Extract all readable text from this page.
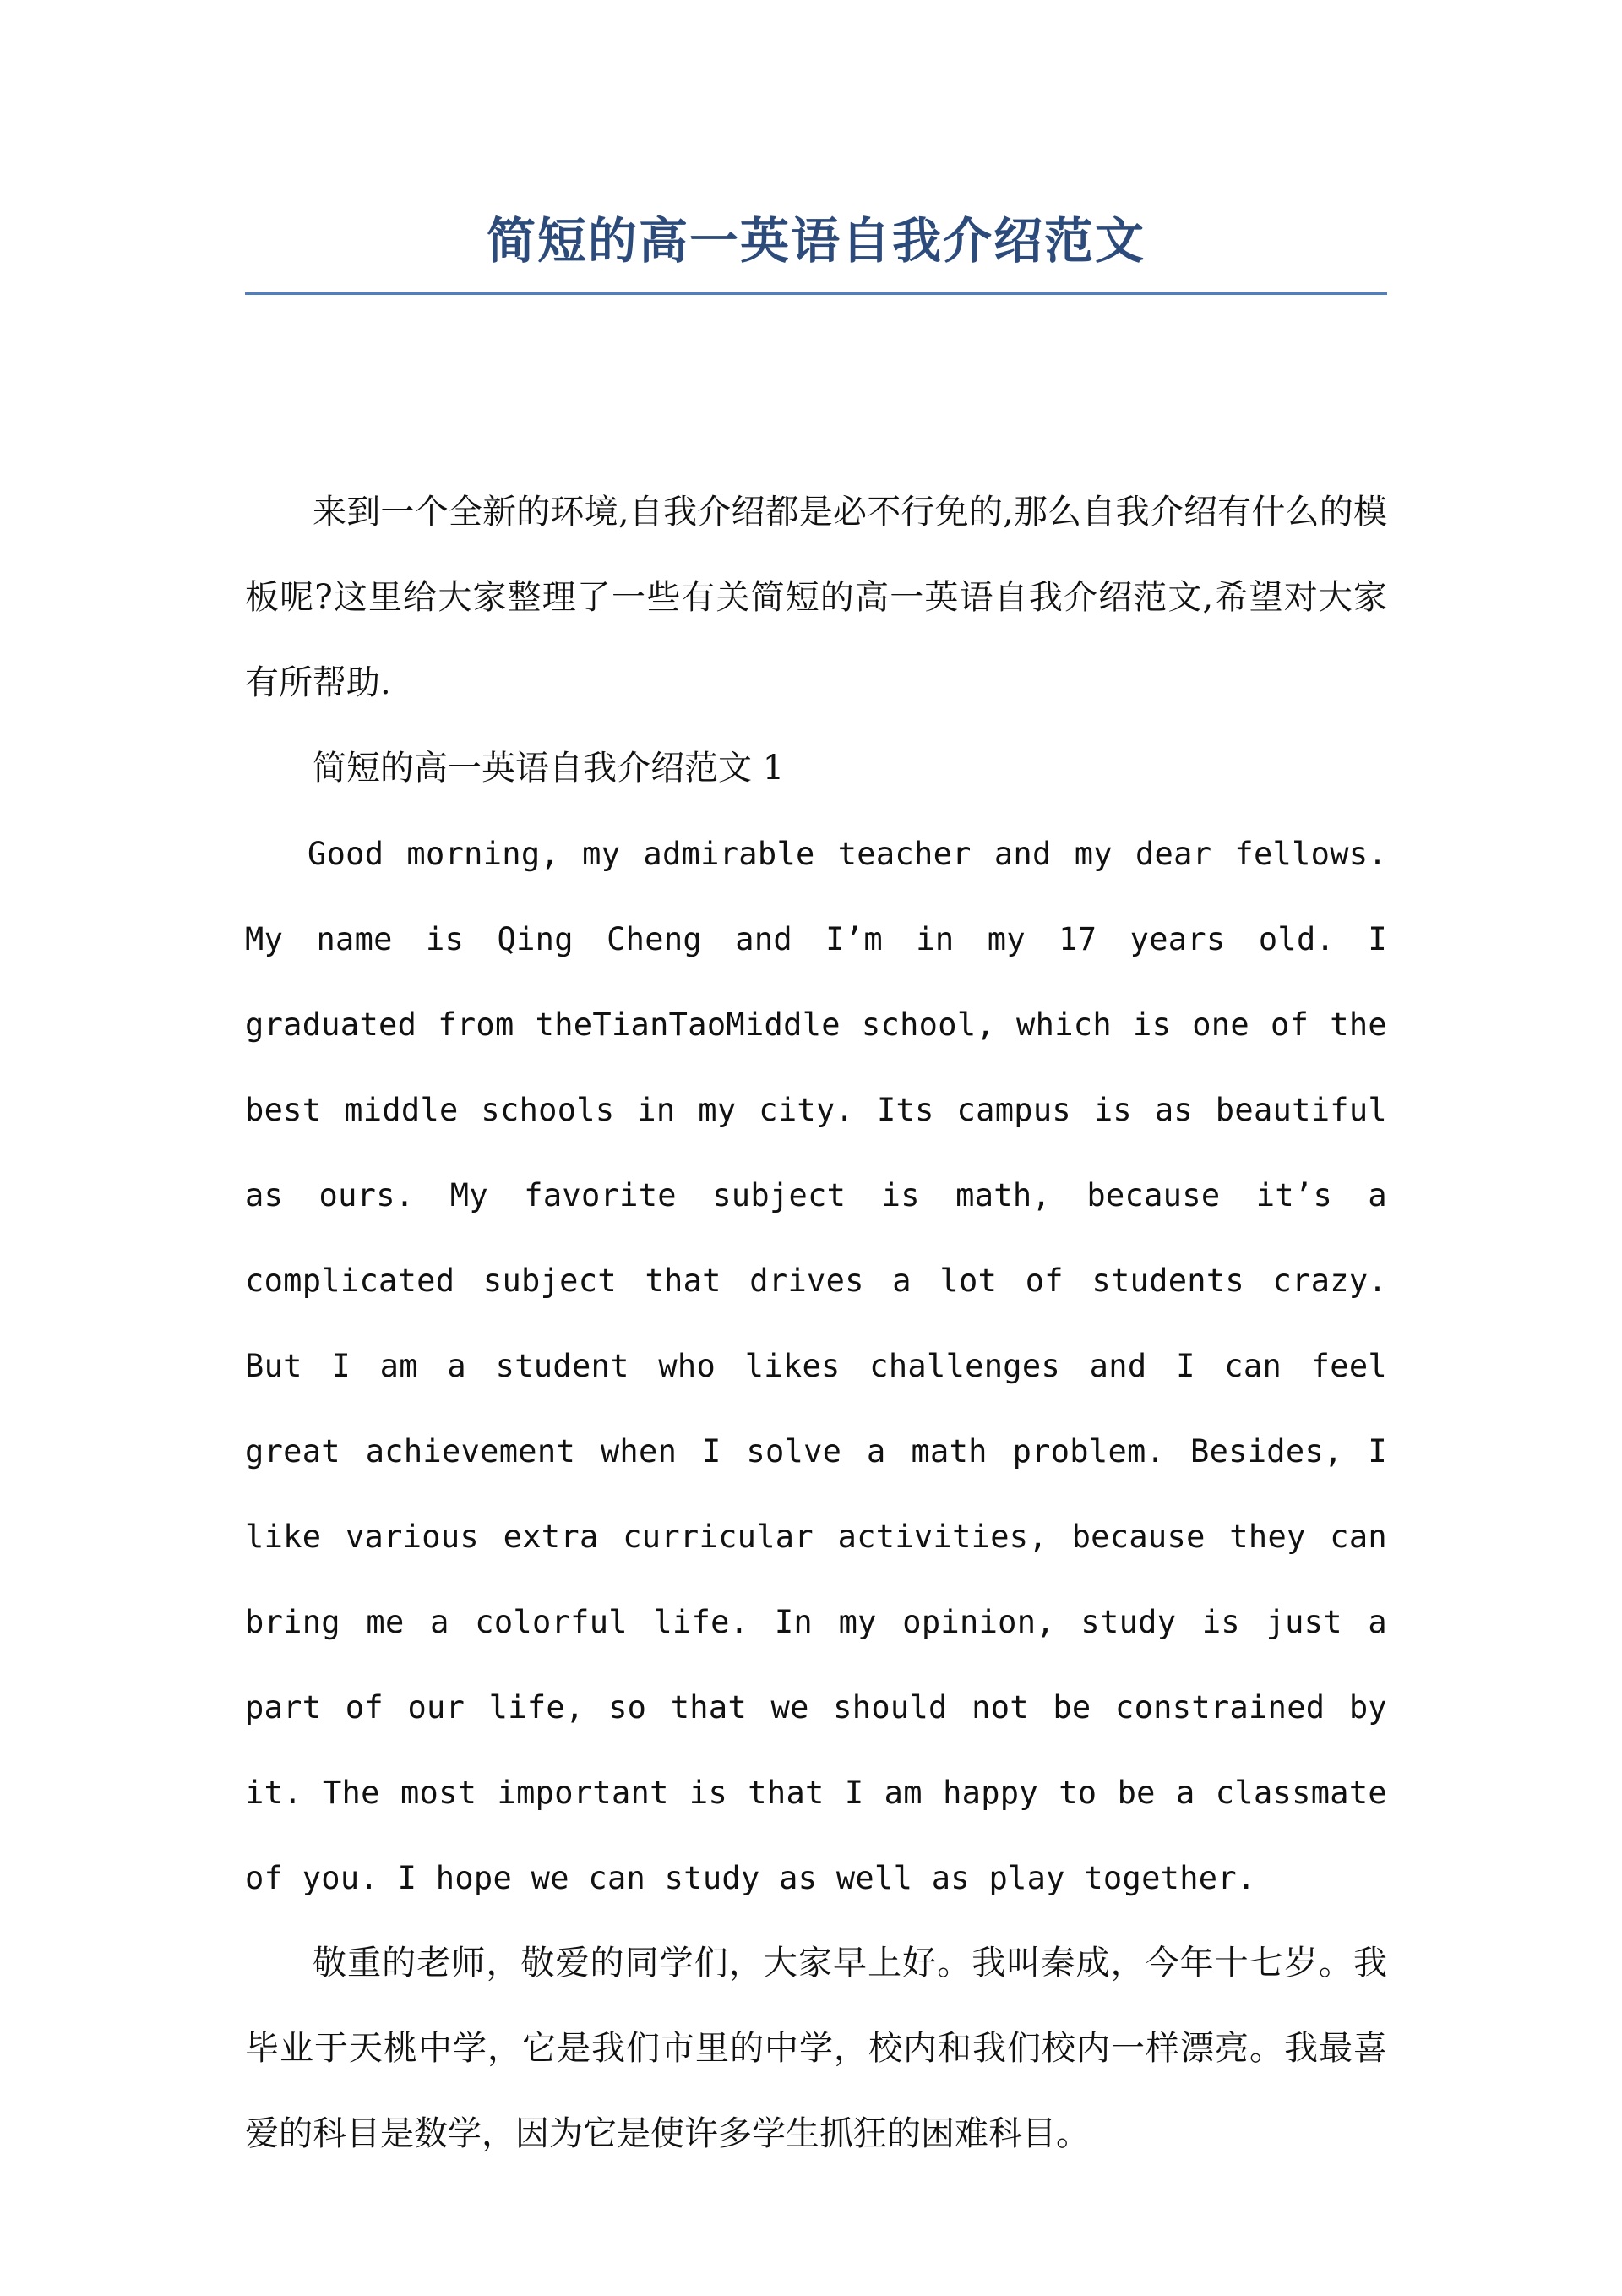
简短的高一英语自我介绍范文

来到一个全新的环境,自我介绍都是必不行免的,那么自我介绍有什么的模板呢?这里给大家整理了一些有关简短的高一英语自我介绍范文,希望对大家有所帮助.

简短的高一英语自我介绍范文 1

Good morning, my admirable teacher and my dear fellows. My name is Qing Cheng and I’m in my 17 years old. I graduated from theTianTaoMiddle school, which is one of the best middle schools in my city. Its campus is as beautiful as ours. My favorite subject is math, because it’s a complicated subject that drives a lot of students crazy. But I am a student who likes challenges and I can feel great achievement when I solve a math problem. Besides, I like various extra curricular activities, because they can bring me a colorful life. In my opinion, study is just a part of our life, so that we should not be constrained by it. The most important is that I am happy to be a classmate of you. I hope we can study as well as play together.

敬重的老师，敬爱的同学们，大家早上好。我叫秦成，今年十七岁。我毕业于天桃中学，它是我们市里的中学，校内和我们校内一样漂亮。我最喜爱的科目是数学，因为它是使许多学生抓狂的困难科目。
